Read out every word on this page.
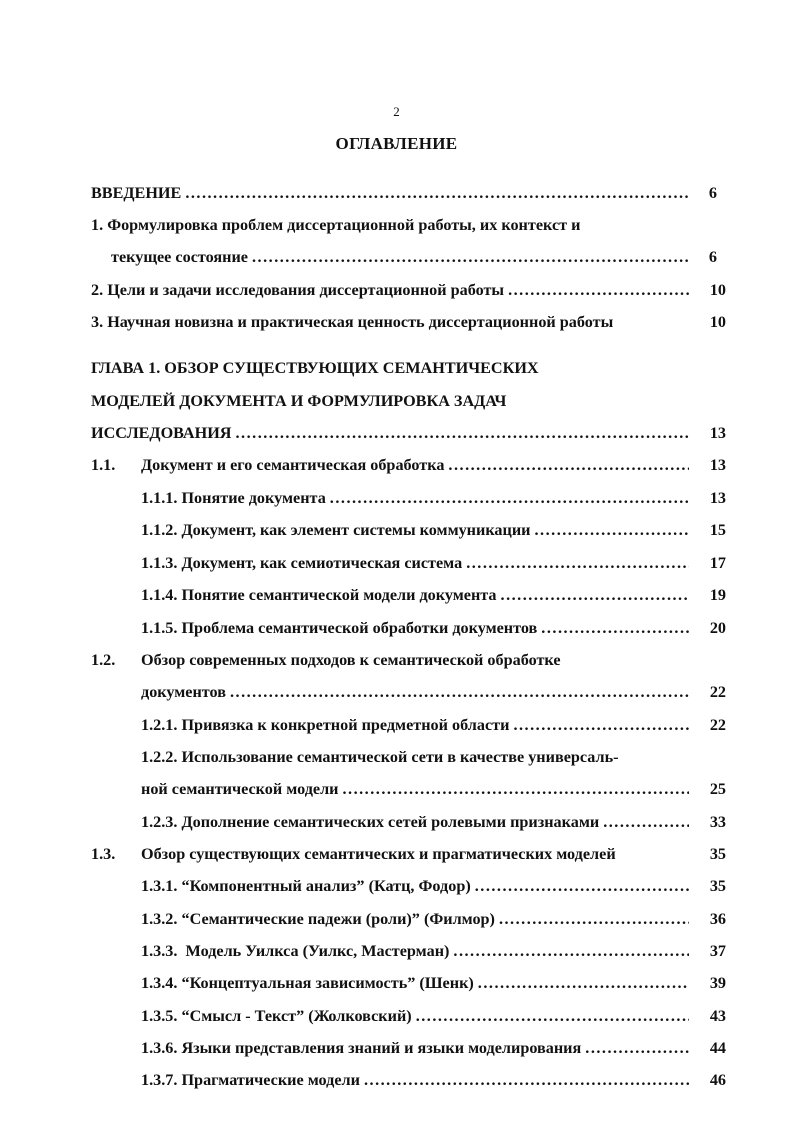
2
ОГЛАВЛЕНИЕ
ВВЕДЕНИЕ .....	6
1. Формулировка проблем диссертационной работы, их контекст и
текущее состояние .....	6
2. Цели и задачи исследования диссертационной работы .....	10
3. Научная новизна и практическая ценность диссертационной работы	10
ГЛАВА 1. ОБЗОР СУЩЕСТВУЮЩИХ СЕМАНТИЧЕСКИХ
МОДЕЛЕЙ ДОКУМЕНТА И ФОРМУЛИРОВКА ЗАДАЧ
ИССЛЕДОВАНИЯ .....	13
1.1.	Документ и его семантическая обработка .....	13
1.1.1. Понятие документа .....	13
1.1.2. Документ, как элемент системы коммуникации .....	15
1.1.3. Документ, как семиотическая система .....	17
1.1.4. Понятие семантической модели документа .....	19
1.1.5. Проблема семантической обработки документов .....	20
1.2.	Обзор современных подходов к семантической обработке
документов .....	22
1.2.1. Привязка к конкретной предметной области .....	22
1.2.2. Использование семантической сети в качестве универсаль-
ной семантической модели .....	25
1.2.3. Дополнение семантических сетей ролевыми признаками .....	33
1.3.	Обзор существующих семантических и прагматических моделей	35
1.3.1. “Компонентный анализ” (Катц, Фодор) .....	35
1.3.2. “Семантические падежи (роли)” (Филмор) .....	36
1.3.3.  Модель Уилкса (Уилкс, Мастерман) .....	37
1.3.4. “Концептуальная зависимость” (Шенк) .....	39
1.3.5. “Смысл - Текст” (Жолковский) .....	43
1.3.6. Языки представления знаний и языки моделирования .....	44
1.3.7. Прагматические модели .....	46
